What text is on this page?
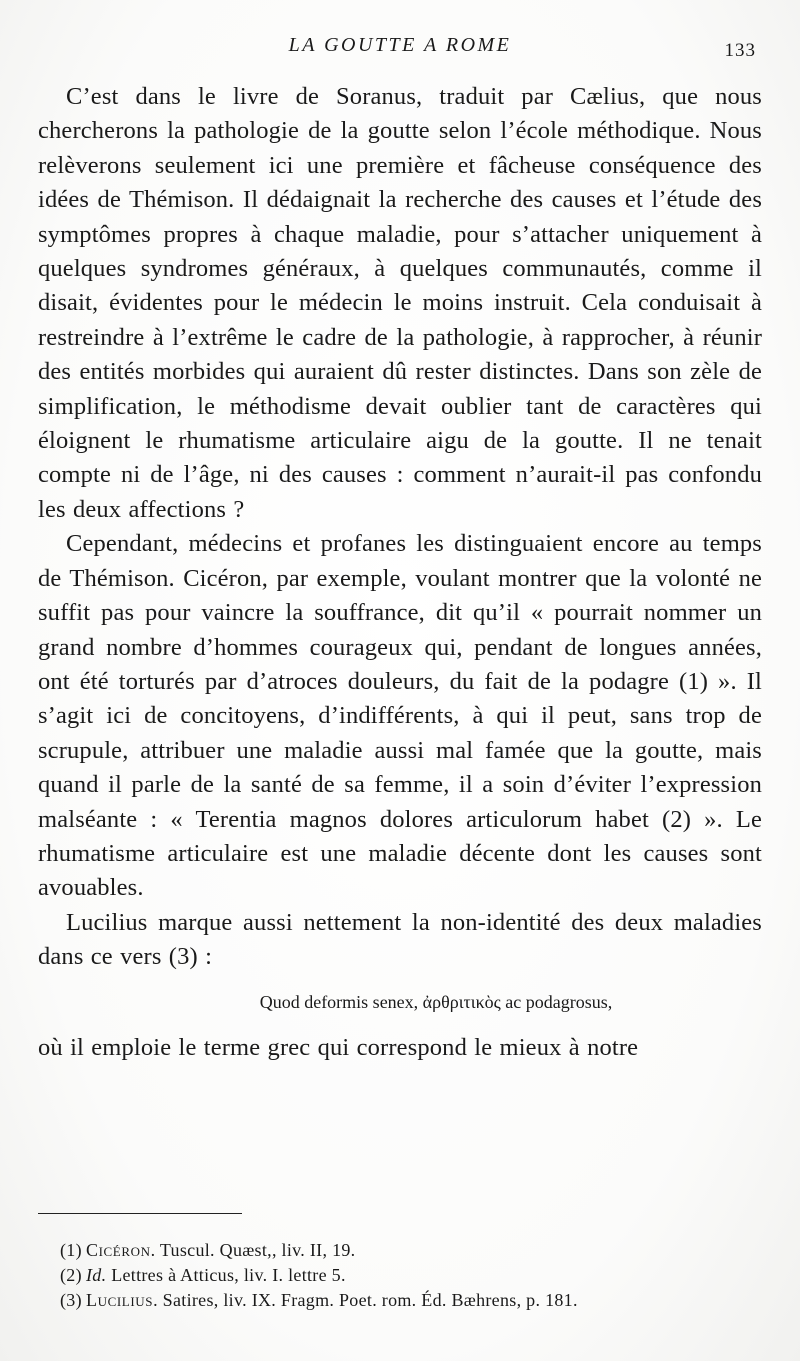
LA GOUTTE A ROME	133

C’est dans le livre de Soranus, traduit par Cælius, que nous chercherons la pathologie de la goutte selon l’école méthodique. Nous relèverons seulement ici une première et fâcheuse conséquence des idées de Thémison. Il dédaignait la recherche des causes et l’étude des symptômes propres à chaque maladie, pour s’attacher uniquement à quelques syndromes généraux, à quelques communautés, comme il disait, évidentes pour le médecin le moins instruit. Cela conduisait à restreindre à l’extrême le cadre de la pathologie, à rapprocher, à réunir des entités morbides qui auraient dû rester distinctes. Dans son zèle de simplification, le méthodisme devait oublier tant de caractères qui éloignent le rhumatisme articulaire aigu de la goutte. Il ne tenait compte ni de l’âge, ni des causes : comment n’aurait-il pas confondu les deux affections ?

Cependant, médecins et profanes les distinguaient encore au temps de Thémison. Cicéron, par exemple, voulant montrer que la volonté ne suffit pas pour vaincre la souffrance, dit qu’il « pourrait nommer un grand nombre d’hommes courageux qui, pendant de longues années, ont été torturés par d’atroces douleurs, du fait de la podagre (1) ». Il s’agit ici de concitoyens, d’indifférents, à qui il peut, sans trop de scrupule, attribuer une maladie aussi mal famée que la goutte, mais quand il parle de la santé de sa femme, il a soin d’éviter l’expression malséante : « Terentia magnos dolores articulorum habet (2) ». Le rhumatisme articulaire est une maladie décente dont les causes sont avouables.

Lucilius marque aussi nettement la non-identité des deux maladies dans ce vers (3) :

Quod deformis senex, ἀρθριτικὸς ac podagrosus,

où il emploie le terme grec qui correspond le mieux à notre

(1) Cicéron. Tuscul. Quæst,, liv. II, 19.
(2) Id. Lettres à Atticus, liv. I. lettre 5.
(3) Lucilius. Satires, liv. IX. Fragm. Poet. rom. Éd. Bæhrens, p. 181.
